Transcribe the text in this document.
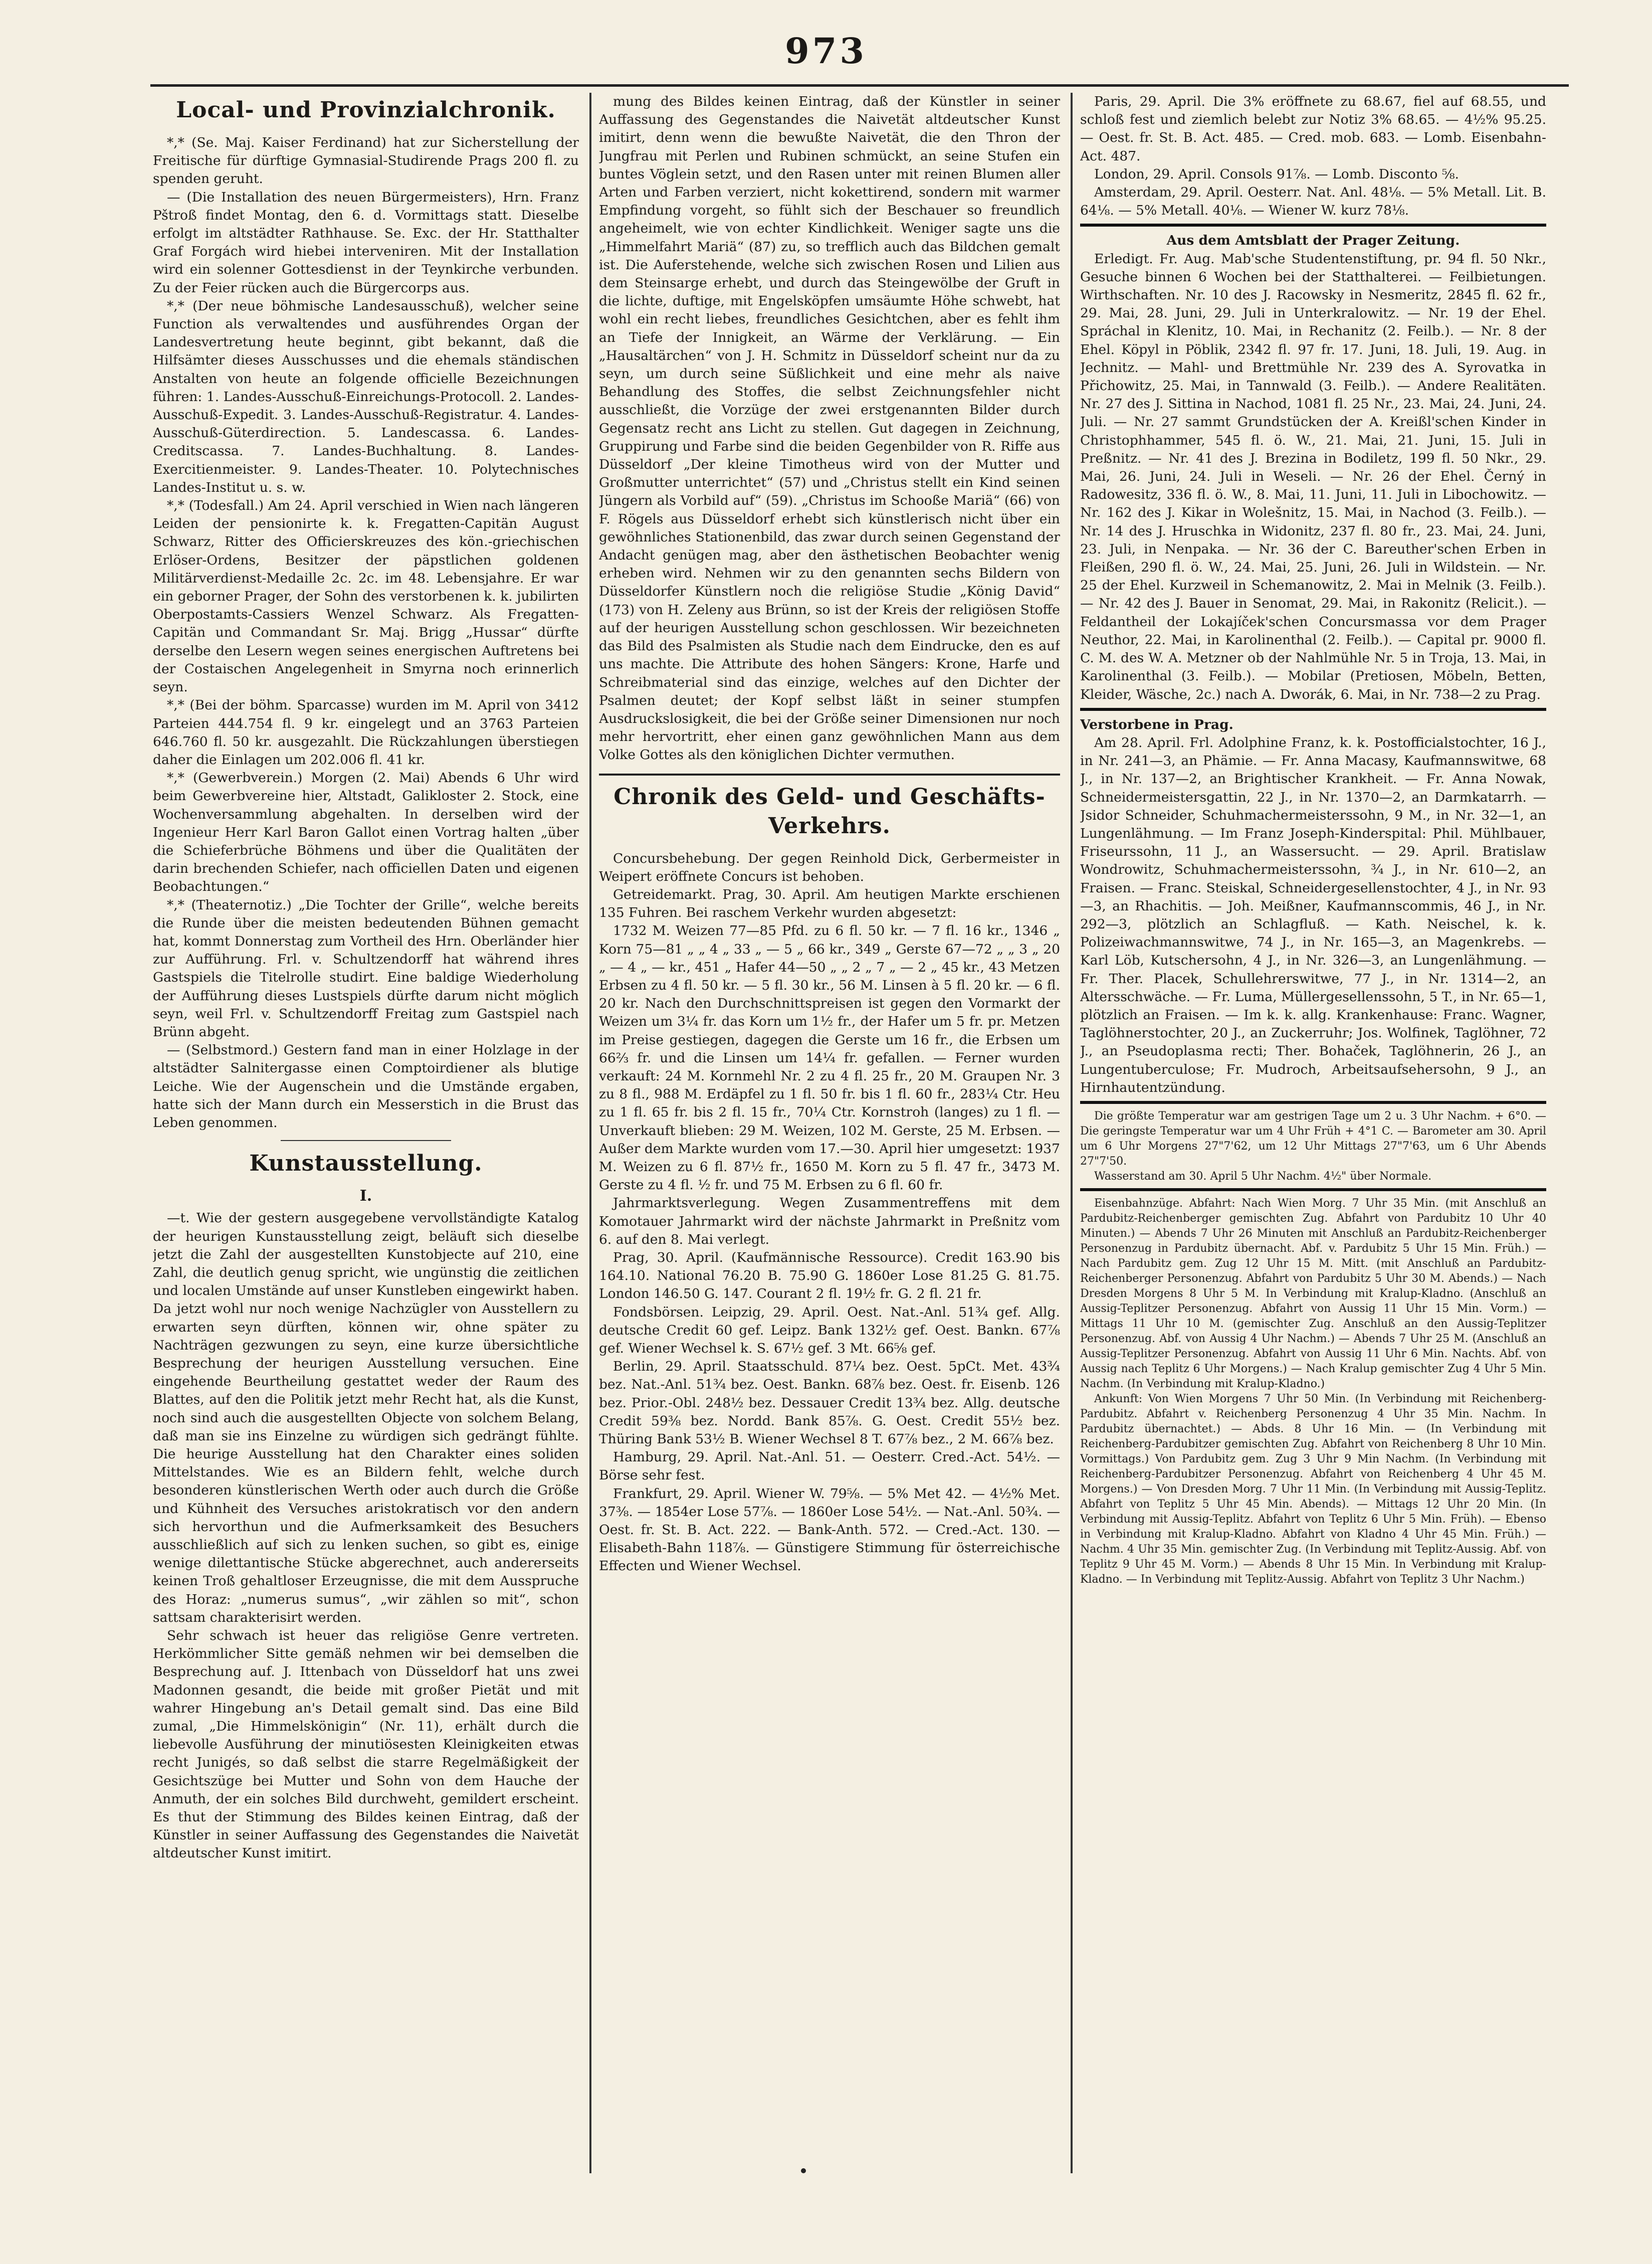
973
Local- und Provinzialchronik.

*,* (Se. Maj. Kaiser Ferdinand) hat zur Sicherstellung der Freitische für dürftige Gymnasial-Studirende Prags 200 fl. zu spenden geruht.

— (Die Installation des neuen Bürgermeisters), Hrn. Franz Pštroß findet Montag, den 6. d. Vormittags statt. Dieselbe erfolgt im altstädter Rathhause. Se. Exc. der Hr. Statthalter Graf Forgách wird hiebei interveniren. Mit der Installation wird ein solenner Gottesdienst in der Teynkirche verbunden. Zu der Feier rücken auch die Bürgercorps aus.

*,* (Der neue böhmische Landesausschuß), welcher seine Function als verwaltendes und ausführendes Organ der Landesvertretung heute beginnt, gibt bekannt, daß die Hilfsämter dieses Ausschusses und die ehemals ständischen Anstalten von heute an folgende officielle Bezeichnungen führen: 1. Landes-Ausschuß-Einreichungs-Protocoll. 2. Landes-Ausschuß-Expedit. 3. Landes-Ausschuß-Registratur. 4. Landes-Ausschuß-Güterdirection. 5. Landescassa. 6. Landes-Creditscassa. 7. Landes-Buchhaltung. 8. Landes-Exercitienmeister. 9. Landes-Theater. 10. Polytechnisches Landes-Institut u. s. w.

*,* (Todesfall.) Am 24. April verschied in Wien nach längeren Leiden der pensionirte k. k. Fregatten-Capitän August Schwarz, Ritter des Officierskreuzes des kön.-griechischen Erlöser-Ordens, Besitzer der päpstlichen goldenen Militärverdienst-Medaille 2c. 2c. im 48. Lebensjahre. Er war ein geborner Prager, der Sohn des verstorbenen k. k. jubilirten Oberpostamts-Cassiers Wenzel Schwarz. Als Fregatten-Capitän und Commandant Sr. Maj. Brigg „Hussar“ dürfte derselbe den Lesern wegen seines energischen Auftretens bei der Costaischen Angelegenheit in Smyrna noch erinnerlich seyn.

*,* (Bei der böhm. Sparcasse) wurden im M. April von 3412 Parteien 444.754 fl. 9 kr. eingelegt und an 3763 Parteien 646.760 fl. 50 kr. ausgezahlt. Die Rückzahlungen überstiegen daher die Einlagen um 202.006 fl. 41 kr.

*,* (Gewerbverein.) Morgen (2. Mai) Abends 6 Uhr wird beim Gewerbvereine hier, Altstadt, Galikloster 2. Stock, eine Wochenversammlung abgehalten. In derselben wird der Ingenieur Herr Karl Baron Gallot einen Vortrag halten „über die Schieferbrüche Böhmens und über die Qualitäten der darin brechenden Schiefer, nach officiellen Daten und eigenen Beobachtungen.“

*,* (Theaternotiz.) „Die Tochter der Grille“, welche bereits die Runde über die meisten bedeutenden Bühnen gemacht hat, kommt Donnerstag zum Vortheil des Hrn. Oberländer hier zur Aufführung. Frl. v. Schultzendorff hat während ihres Gastspiels die Titelrolle studirt. Eine baldige Wiederholung der Aufführung dieses Lustspiels dürfte darum nicht möglich seyn, weil Frl. v. Schultzendorff Freitag zum Gastspiel nach Brünn abgeht.

— (Selbstmord.) Gestern fand man in einer Holzlage in der altstädter Salnitergasse einen Comptoirdiener als blutige Leiche. Wie der Augenschein und die Umstände ergaben, hatte sich der Mann durch ein Messerstich in die Brust das Leben genommen.

Kunstausstellung.
I.

—t. Wie der gestern ausgegebene vervollständigte Katalog der heurigen Kunstausstellung zeigt, beläuft sich dieselbe jetzt die Zahl der ausgestellten Kunstobjecte auf 210, eine Zahl, die deutlich genug spricht, wie ungünstig die zeitlichen und localen Umstände auf unser Kunstleben eingewirkt haben. Da jetzt wohl nur noch wenige Nachzügler von Ausstellern zu erwarten seyn dürften, können wir, ohne später zu Nachträgen gezwungen zu seyn, eine kurze übersichtliche Besprechung der heurigen Ausstellung versuchen. Eine eingehende Beurtheilung gestattet weder der Raum des Blattes, auf den die Politik jetzt mehr Recht hat, als die Kunst, noch sind auch die ausgestellten Objecte von solchem Belang, daß man sie ins Einzelne zu würdigen sich gedrängt fühlte. Die heurige Ausstellung hat den Charakter eines soliden Mittelstandes. Wie es an Bildern fehlt, welche durch besonderen künstlerischen Werth oder auch durch die Größe und Kühnheit des Versuches aristokratisch vor den andern sich hervorthun und die Aufmerksamkeit des Besuchers ausschließlich auf sich zu lenken suchen, so gibt es, einige wenige dilettantische Stücke abgerechnet, auch andererseits keinen Troß gehaltloser Erzeugnisse, die mit dem Ausspruche des Horaz: „numerus sumus“, „wir zählen so mit“, schon sattsam charakterisirt werden.

Sehr schwach ist heuer das religiöse Genre vertreten. Herkömmlicher Sitte gemäß nehmen wir bei demselben die Besprechung auf. J. Ittenbach von Düsseldorf hat uns zwei Madonnen gesandt, die beide mit großer Pietät und mit wahrer Hingebung an's Detail gemalt sind. Das eine Bild zumal, „Die Himmelskönigin“ (Nr. 11), erhält durch die liebevolle Ausführung der minutiösesten Kleinigkeiten etwas recht Junigés, so daß selbst die starre Regelmäßigkeit der Gesichtszüge bei Mutter und Sohn von dem Hauche der Anmuth, der ein solches Bild durchweht, gemildert erscheint. Es thut der Stimmung des Bildes keinen Eintrag, daß der Künstler in seiner Auffassung des Gegenstandes die Naivetät altdeutscher Kunst imitirt.

mung des Bildes keinen Eintrag, daß der Künstler in seiner Auffassung des Gegenstandes die Naivetät altdeutscher Kunst imitirt, denn wenn die bewußte Naivetät, die den Thron der Jungfrau mit Perlen und Rubinen schmückt, an seine Stufen ein buntes Vöglein setzt, und den Rasen unter mit reinen Blumen aller Arten und Farben verziert, nicht kokettirend, sondern mit warmer Empfindung vorgeht, so fühlt sich der Beschauer so freundlich angeheimelt, wie von echter Kindlichkeit. Weniger sagte uns die „Himmelfahrt Mariä“ (87) zu, so trefflich auch das Bildchen gemalt ist. Die Auferstehende, welche sich zwischen Rosen und Lilien aus dem Steinsarge erhebt, und durch das Steingewölbe der Gruft in die lichte, duftige, mit Engelsköpfen umsäumte Höhe schwebt, hat wohl ein recht liebes, freundliches Gesichtchen, aber es fehlt ihm an Tiefe der Innigkeit, an Wärme der Verklärung. — Ein „Hausaltärchen“ von J. H. Schmitz in Düsseldorf scheint nur da zu seyn, um durch seine Süßlichkeit und eine mehr als naive Behandlung des Stoffes, die selbst Zeichnungsfehler nicht ausschließt, die Vorzüge der zwei erstgenannten Bilder durch Gegensatz recht ans Licht zu stellen. Gut dagegen in Zeichnung, Gruppirung und Farbe sind die beiden Gegenbilder von R. Riffe aus Düsseldorf „Der kleine Timotheus wird von der Mutter und Großmutter unterrichtet“ (57) und „Christus stellt ein Kind seinen Jüngern als Vorbild auf“ (59). „Christus im Schooße Mariä“ (66) von F. Rögels aus Düsseldorf erhebt sich künstlerisch nicht über ein gewöhnliches Stationenbild, das zwar durch seinen Gegenstand der Andacht genügen mag, aber den ästhetischen Beobachter wenig erheben wird. Nehmen wir zu den genannten sechs Bildern von Düsseldorfer Künstlern noch die religiöse Studie „König David“ (173) von H. Zeleny aus Brünn, so ist der Kreis der religiösen Stoffe auf der heurigen Ausstellung schon geschlossen. Wir bezeichneten das Bild des Psalmisten als Studie nach dem Eindrucke, den es auf uns machte. Die Attribute des hohen Sängers: Krone, Harfe und Schreibmaterial sind das einzige, welches auf den Dichter der Psalmen deutet; der Kopf selbst läßt in seiner stumpfen Ausdruckslosigkeit, die bei der Größe seiner Dimensionen nur noch mehr hervortritt, eher einen ganz gewöhnlichen Mann aus dem Volke Gottes als den königlichen Dichter vermuthen.

Chronik des Geld- und Geschäfts-Verkehrs.

Concursbehebung. Der gegen Reinhold Dick, Gerbermeister in Weipert eröffnete Concurs ist behoben.

Getreidemarkt. Prag, 30. April. Am heutigen Markte erschienen 135 Fuhren. Bei raschem Verkehr wurden abgesetzt:

1732 M. Weizen 77—85 Pfd. zu 6 fl. 50 kr. — 7 fl. 16 kr., 1346 „ Korn 75—81 „ „ 4 „ 33 „ — 5 „ 66 kr., 349 „ Gerste 67—72 „ „ 3 „ 20 „ — 4 „ — kr., 451 „ Hafer 44—50 „ „ 2 „ 7 „ — 2 „ 45 kr., 43 Metzen Erbsen zu 4 fl. 50 kr. — 5 fl. 30 kr., 56 M. Linsen à 5 fl. 20 kr. — 6 fl. 20 kr. Nach den Durchschnittspreisen ist gegen den Vormarkt der Weizen um 3¼ fr. das Korn um 1½ fr., der Hafer um 5 fr. pr. Metzen im Preise gestiegen, dagegen die Gerste um 16 fr., die Erbsen um 66⅔ fr. und die Linsen um 14¼ fr. gefallen. — Ferner wurden verkauft: 24 M. Kornmehl Nr. 2 zu 4 fl. 25 fr., 20 M. Graupen Nr. 3 zu 8 fl., 988 M. Erdäpfel zu 1 fl. 50 fr. bis 1 fl. 60 fr., 283¼ Ctr. Heu zu 1 fl. 65 fr. bis 2 fl. 15 fr., 70¼ Ctr. Kornstroh (langes) zu 1 fl. — Unverkauft blieben: 29 M. Weizen, 102 M. Gerste, 25 M. Erbsen. — Außer dem Markte wurden vom 17.—30. April hier umgesetzt: 1937 M. Weizen zu 6 fl. 87½ fr., 1650 M. Korn zu 5 fl. 47 fr., 3473 M. Gerste zu 4 fl. ½ fr. und 75 M. Erbsen zu 6 fl. 60 fr.

Jahrmarktsverlegung. Wegen Zusammentreffens mit dem Komotauer Jahrmarkt wird der nächste Jahrmarkt in Preßnitz vom 6. auf den 8. Mai verlegt.

Prag, 30. April. (Kaufmännische Ressource). Credit 163.90 bis 164.10. National 76.20 B. 75.90 G. 1860er Lose 81.25 G. 81.75. London 146.50 G. 147. Courant 2 fl. 19½ fr. G. 2 fl. 21 fr.

Fondsbörsen. Leipzig, 29. April. Oest. Nat.-Anl. 51¾ gef. Allg. deutsche Credit 60 gef. Leipz. Bank 132½ gef. Oest. Bankn. 67⅞ gef. Wiener Wechsel k. S. 67½ gef. 3 Mt. 66⅝ gef.

Berlin, 29. April. Staatsschuld. 87¼ bez. Oest. 5pCt. Met. 43¾ bez. Nat.-Anl. 51¾ bez. Oest. Bankn. 68⅞ bez. Oest. fr. Eisenb. 126 bez. Prior.-Obl. 248½ bez. Dessauer Credit 13¾ bez. Allg. deutsche Credit 59⅜ bez. Nordd. Bank 85⅞. G. Oest. Credit 55½ bez. Thüring Bank 53½ B. Wiener Wechsel 8 T. 67⅞ bez., 2 M. 66⅞ bez.

Hamburg, 29. April. Nat.-Anl. 51. — Oesterr. Cred.-Act. 54½. — Börse sehr fest.

Frankfurt, 29. April. Wiener W. 79⅝. — 5% Met 42. — 4½% Met. 37⅜. — 1854er Lose 57⅞. — 1860er Lose 54½. — Nat.-Anl. 50¾. — Oest. fr. St. B. Act. 222. — Bank-Anth. 572. — Cred.-Act. 130. — Elisabeth-Bahn 118⅞. — Günstigere Stimmung für österreichische Effecten und Wiener Wechsel.

Paris, 29. April. Die 3% eröffnete zu 68.67, fiel auf 68.55, und schloß fest und ziemlich belebt zur Notiz 3% 68.65. — 4½% 95.25. — Oest. fr. St. B. Act. 485. — Cred. mob. 683. — Lomb. Eisenbahn-Act. 487.

London, 29. April. Consols 91⅞. — Lomb. Disconto ⅝.

Amsterdam, 29. April. Oesterr. Nat. Anl. 48⅛. — 5% Metall. Lit. B. 64⅛. — 5% Metall. 40⅛. — Wiener W. kurz 78⅛.

Aus dem Amtsblatt der Prager Zeitung.

Erledigt. Fr. Aug. Mab'sche Studentenstiftung, pr. 94 fl. 50 Nkr., Gesuche binnen 6 Wochen bei der Statthalterei. — Feilbietungen. Wirthschaften. Nr. 10 des J. Racowsky in Nesmeritz, 2845 fl. 62 fr., 29. Mai, 28. Juni, 29. Juli in Unterkralowitz. — Nr. 19 der Ehel. Spráchal in Klenitz, 10. Mai, in Rechanitz (2. Feilb.). — Nr. 8 der Ehel. Köpyl in Pöblik, 2342 fl. 97 fr. 17. Juni, 18. Juli, 19. Aug. in Jechnitz. — Mahl- und Brettmühle Nr. 239 des A. Syrovatka in Přichowitz, 25. Mai, in Tannwald (3. Feilb.). — Andere Realitäten. Nr. 27 des J. Sittina in Nachod, 1081 fl. 25 Nr., 23. Mai, 24. Juni, 24. Juli. — Nr. 27 sammt Grundstücken der A. Kreißl'schen Kinder in Christophhammer, 545 fl. ö. W., 21. Mai, 21. Juni, 15. Juli in Preßnitz. — Nr. 41 des J. Brezina in Bodiletz, 199 fl. 50 Nkr., 29. Mai, 26. Juni, 24. Juli in Weseli. — Nr. 26 der Ehel. Černý in Radowesitz, 336 fl. ö. W., 8. Mai, 11. Juni, 11. Juli in Libochowitz. — Nr. 162 des J. Kikar in Wolešnitz, 15. Mai, in Nachod (3. Feilb.). — Nr. 14 des J. Hruschka in Widonitz, 237 fl. 80 fr., 23. Mai, 24. Juni, 23. Juli, in Nenpaka. — Nr. 36 der C. Bareuther'schen Erben in Fleißen, 290 fl. ö. W., 24. Mai, 25. Juni, 26. Juli in Wildstein. — Nr. 25 der Ehel. Kurzweil in Schemanowitz, 2. Mai in Melnik (3. Feilb.). — Nr. 42 des J. Bauer in Senomat, 29. Mai, in Rakonitz (Relicit.). — Feldantheil der Lokajíček'schen Concursmassa vor dem Prager Neuthor, 22. Mai, in Karolinenthal (2. Feilb.). — Capital pr. 9000 fl. C. M. des W. A. Metzner ob der Nahlmühle Nr. 5 in Troja, 13. Mai, in Karolinenthal (3. Feilb.). — Mobilar (Pretiosen, Möbeln, Betten, Kleider, Wäsche, 2c.) nach A. Dworák, 6. Mai, in Nr. 738—2 zu Prag.

Verstorbene in Prag.

Am 28. April. Frl. Adolphine Franz, k. k. Postofficialstochter, 16 J., in Nr. 241—3, an Phämie. — Fr. Anna Macasy, Kaufmannswitwe, 68 J., in Nr. 137—2, an Brightischer Krankheit. — Fr. Anna Nowak, Schneidermeistersgattin, 22 J., in Nr. 1370—2, an Darmkatarrh. — Jsidor Schneider, Schuhmachermeisterssohn, 9 M., in Nr. 32—1, an Lungenlähmung. — Im Franz Joseph-Kinderspital: Phil. Mühlbauer, Friseurssohn, 11 J., an Wassersucht. — 29. April. Bratislaw Wondrowitz, Schuhmachermeisterssohn, ¾ J., in Nr. 610—2, an Fraisen. — Franc. Steiskal, Schneidergesellenstochter, 4 J., in Nr. 93—3, an Rhachitis. — Joh. Meißner, Kaufmannscommis, 46 J., in Nr. 292—3, plötzlich an Schlagfluß. — Kath. Neischel, k. k. Polizeiwachmannswitwe, 74 J., in Nr. 165—3, an Magenkrebs. — Karl Löb, Kutschersohn, 4 J., in Nr. 326—3, an Lungenlähmung. — Fr. Ther. Placek, Schullehrerswitwe, 77 J., in Nr. 1314—2, an Altersschwäche. — Fr. Luma, Müllergesellenssohn, 5 T., in Nr. 65—1, plötzlich an Fraisen. — Im k. k. allg. Krankenhause: Franc. Wagner, Taglöhnerstochter, 20 J., an Zuckerruhr; Jos. Wolfinek, Taglöhner, 72 J., an Pseudoplasma recti; Ther. Bohaček, Taglöhnerin, 26 J., an Lungentuberculose; Fr. Mudroch, Arbeitsaufsehersohn, 9 J., an Hirnhautentzündung.

Die größte Temperatur war am gestrigen Tage um 2 u. 3 Uhr Nachm. + 6°0. — Die geringste Temperatur war um 4 Uhr Früh + 4°1 C. — Barometer am 30. April um 6 Uhr Morgens 27"7'62, um 12 Uhr Mittags 27"7'63, um 6 Uhr Abends 27"7'50.

Wasserstand am 30. April 5 Uhr Nachm. 4½" über Normale.

Eisenbahnzüge. Abfahrt: Nach Wien Morg. 7 Uhr 35 Min. (mit Anschluß an Pardubitz-Reichenberger gemischten Zug. Abfahrt von Pardubitz 10 Uhr 40 Minuten.) — Abends 7 Uhr 26 Minuten mit Anschluß an Pardubitz-Reichenberger Personenzug in Pardubitz übernacht. Abf. v. Pardubitz 5 Uhr 15 Min. Früh.) — Nach Pardubitz gem. Zug 12 Uhr 15 M. Mitt. (mit Anschluß an Pardubitz-Reichenberger Personenzug. Abfahrt von Pardubitz 5 Uhr 30 M. Abends.) — Nach Dresden Morgens 8 Uhr 5 M. In Verbindung mit Kralup-Kladno. (Anschluß an Aussig-Teplitzer Personenzug. Abfahrt von Aussig 11 Uhr 15 Min. Vorm.) — Mittags 11 Uhr 10 M. (gemischter Zug. Anschluß an den Aussig-Teplitzer Personenzug. Abf. von Aussig 4 Uhr Nachm.) — Abends 7 Uhr 25 M. (Anschluß an Aussig-Teplitzer Personenzug. Abfahrt von Aussig 11 Uhr 6 Min. Nachts. Abf. von Aussig nach Teplitz 6 Uhr Morgens.) — Nach Kralup gemischter Zug 4 Uhr 5 Min. Nachm. (In Verbindung mit Kralup-Kladno.)

Ankunft: Von Wien Morgens 7 Uhr 50 Min. (In Verbindung mit Reichenberg-Pardubitz. Abfahrt v. Reichenberg Personenzug 4 Uhr 35 Min. Nachm. In Pardubitz übernachtet.) — Abds. 8 Uhr 16 Min. — (In Verbindung mit Reichenberg-Pardubitzer gemischten Zug. Abfahrt von Reichenberg 8 Uhr 10 Min. Vormittags.) Von Pardubitz gem. Zug 3 Uhr 9 Min Nachm. (In Verbindung mit Reichenberg-Pardubitzer Personenzug. Abfahrt von Reichenberg 4 Uhr 45 M. Morgens.) — Von Dresden Morg. 7 Uhr 11 Min. (In Verbindung mit Aussig-Teplitz. Abfahrt von Teplitz 5 Uhr 45 Min. Abends). — Mittags 12 Uhr 20 Min. (In Verbindung mit Aussig-Teplitz. Abfahrt von Teplitz 6 Uhr 5 Min. Früh). — Ebenso in Verbindung mit Kralup-Kladno. Abfahrt von Kladno 4 Uhr 45 Min. Früh.) — Nachm. 4 Uhr 35 Min. gemischter Zug. (In Verbindung mit Teplitz-Aussig. Abf. von Teplitz 9 Uhr 45 M. Vorm.) — Abends 8 Uhr 15 Min. In Verbindung mit Kralup-Kladno. — In Verbindung mit Teplitz-Aussig. Abfahrt von Teplitz 3 Uhr Nachm.)
